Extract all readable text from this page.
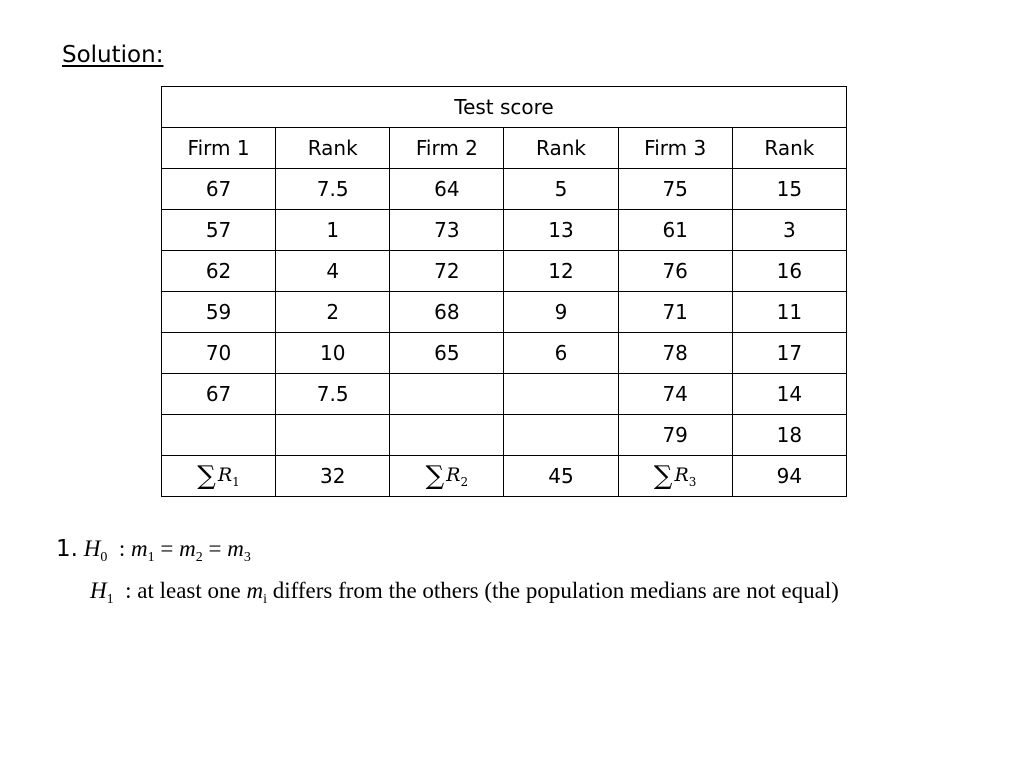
Solution:
Test score					
Firm 1	Rank	Firm 2	Rank	Firm 3	Rank
67	7.5	64	5	75	15
57	1	73	13	61	3
62	4	72	12	76	16
59	2	68	9	71	11
70	10	65	6	78	17
67	7.5			74	14
				79	18
∑ $R_1$	32	∑ $R_2$	45	∑ $R_3$	94
1. $H_0$ : $m_1 = m_2 = m_3$
$H_1$ : at least one $m_i$ differs from the others (the population medians are not equal)
